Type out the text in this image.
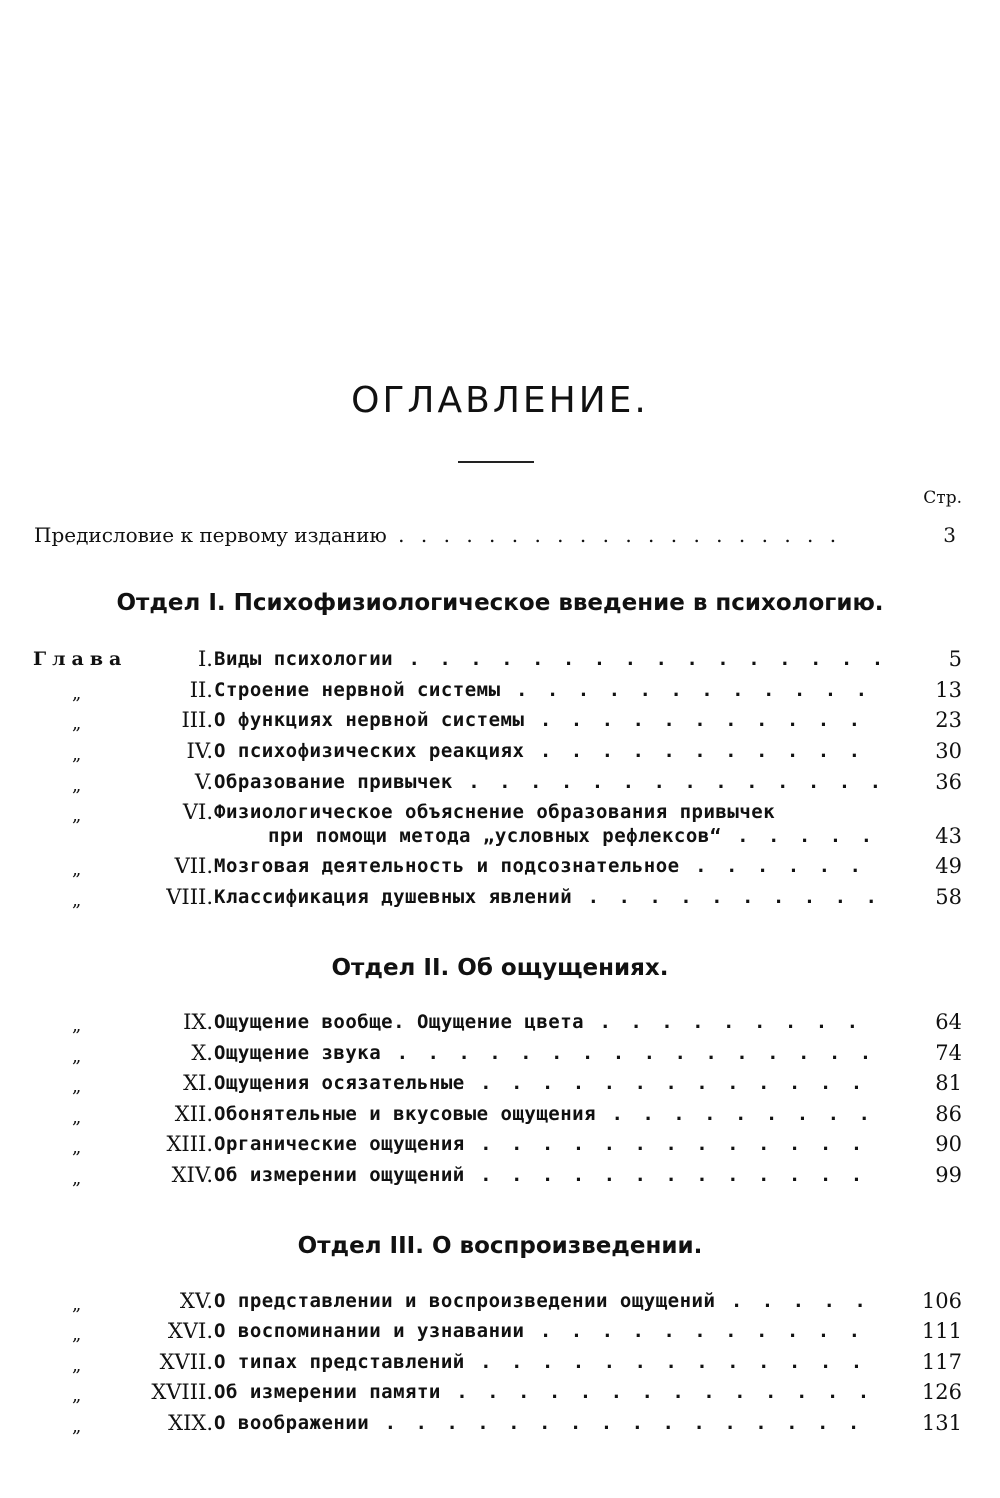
ОГЛАВЛЕНИЕ.
Стр.
Предисловие к первому изданию . . .	3
Отдел I. Психофизиологическое введение в психологию.
Отдел II. Об ощущениях.
Отдел III. О воспроизведении.
Глава	I. Виды психологии . . .	5
„	II. Строение нервной системы . . .	13
„	III. О функциях нервной системы . . .	23
„	IV. О психофизических реакциях . . .	30
„	V. Образование привычек . . .	36
„	VI. Физиологическое объяснение образования привычек
при помощи метода „условных рефлексов“ . . .	43
„	VII. Мозговая деятельность и подсознательное . . .	49
„	VIII. Классификация душевных явлений . . .	58
„	IX. Ощущение вообще. Ощущение цвета . . .	64
„	X. Ощущение звука . . .	74
„	XI. Ощущения осязательные . . .	81
„	XII. Обонятельные и вкусовые ощущения . . .	86
„	XIII. Органические ощущения . . .	90
„	XIV. Об измерении ощущений . . .	99
„	XV. О представлении и воспроизведении ощущений . . .	106
„	XVI. О воспоминании и узнавании . . .	111
„	XVII. О типах представлений . . .	117
„	XVIII. Об измерении памяти . . .	126
„	XIX. О воображении . . .	131
